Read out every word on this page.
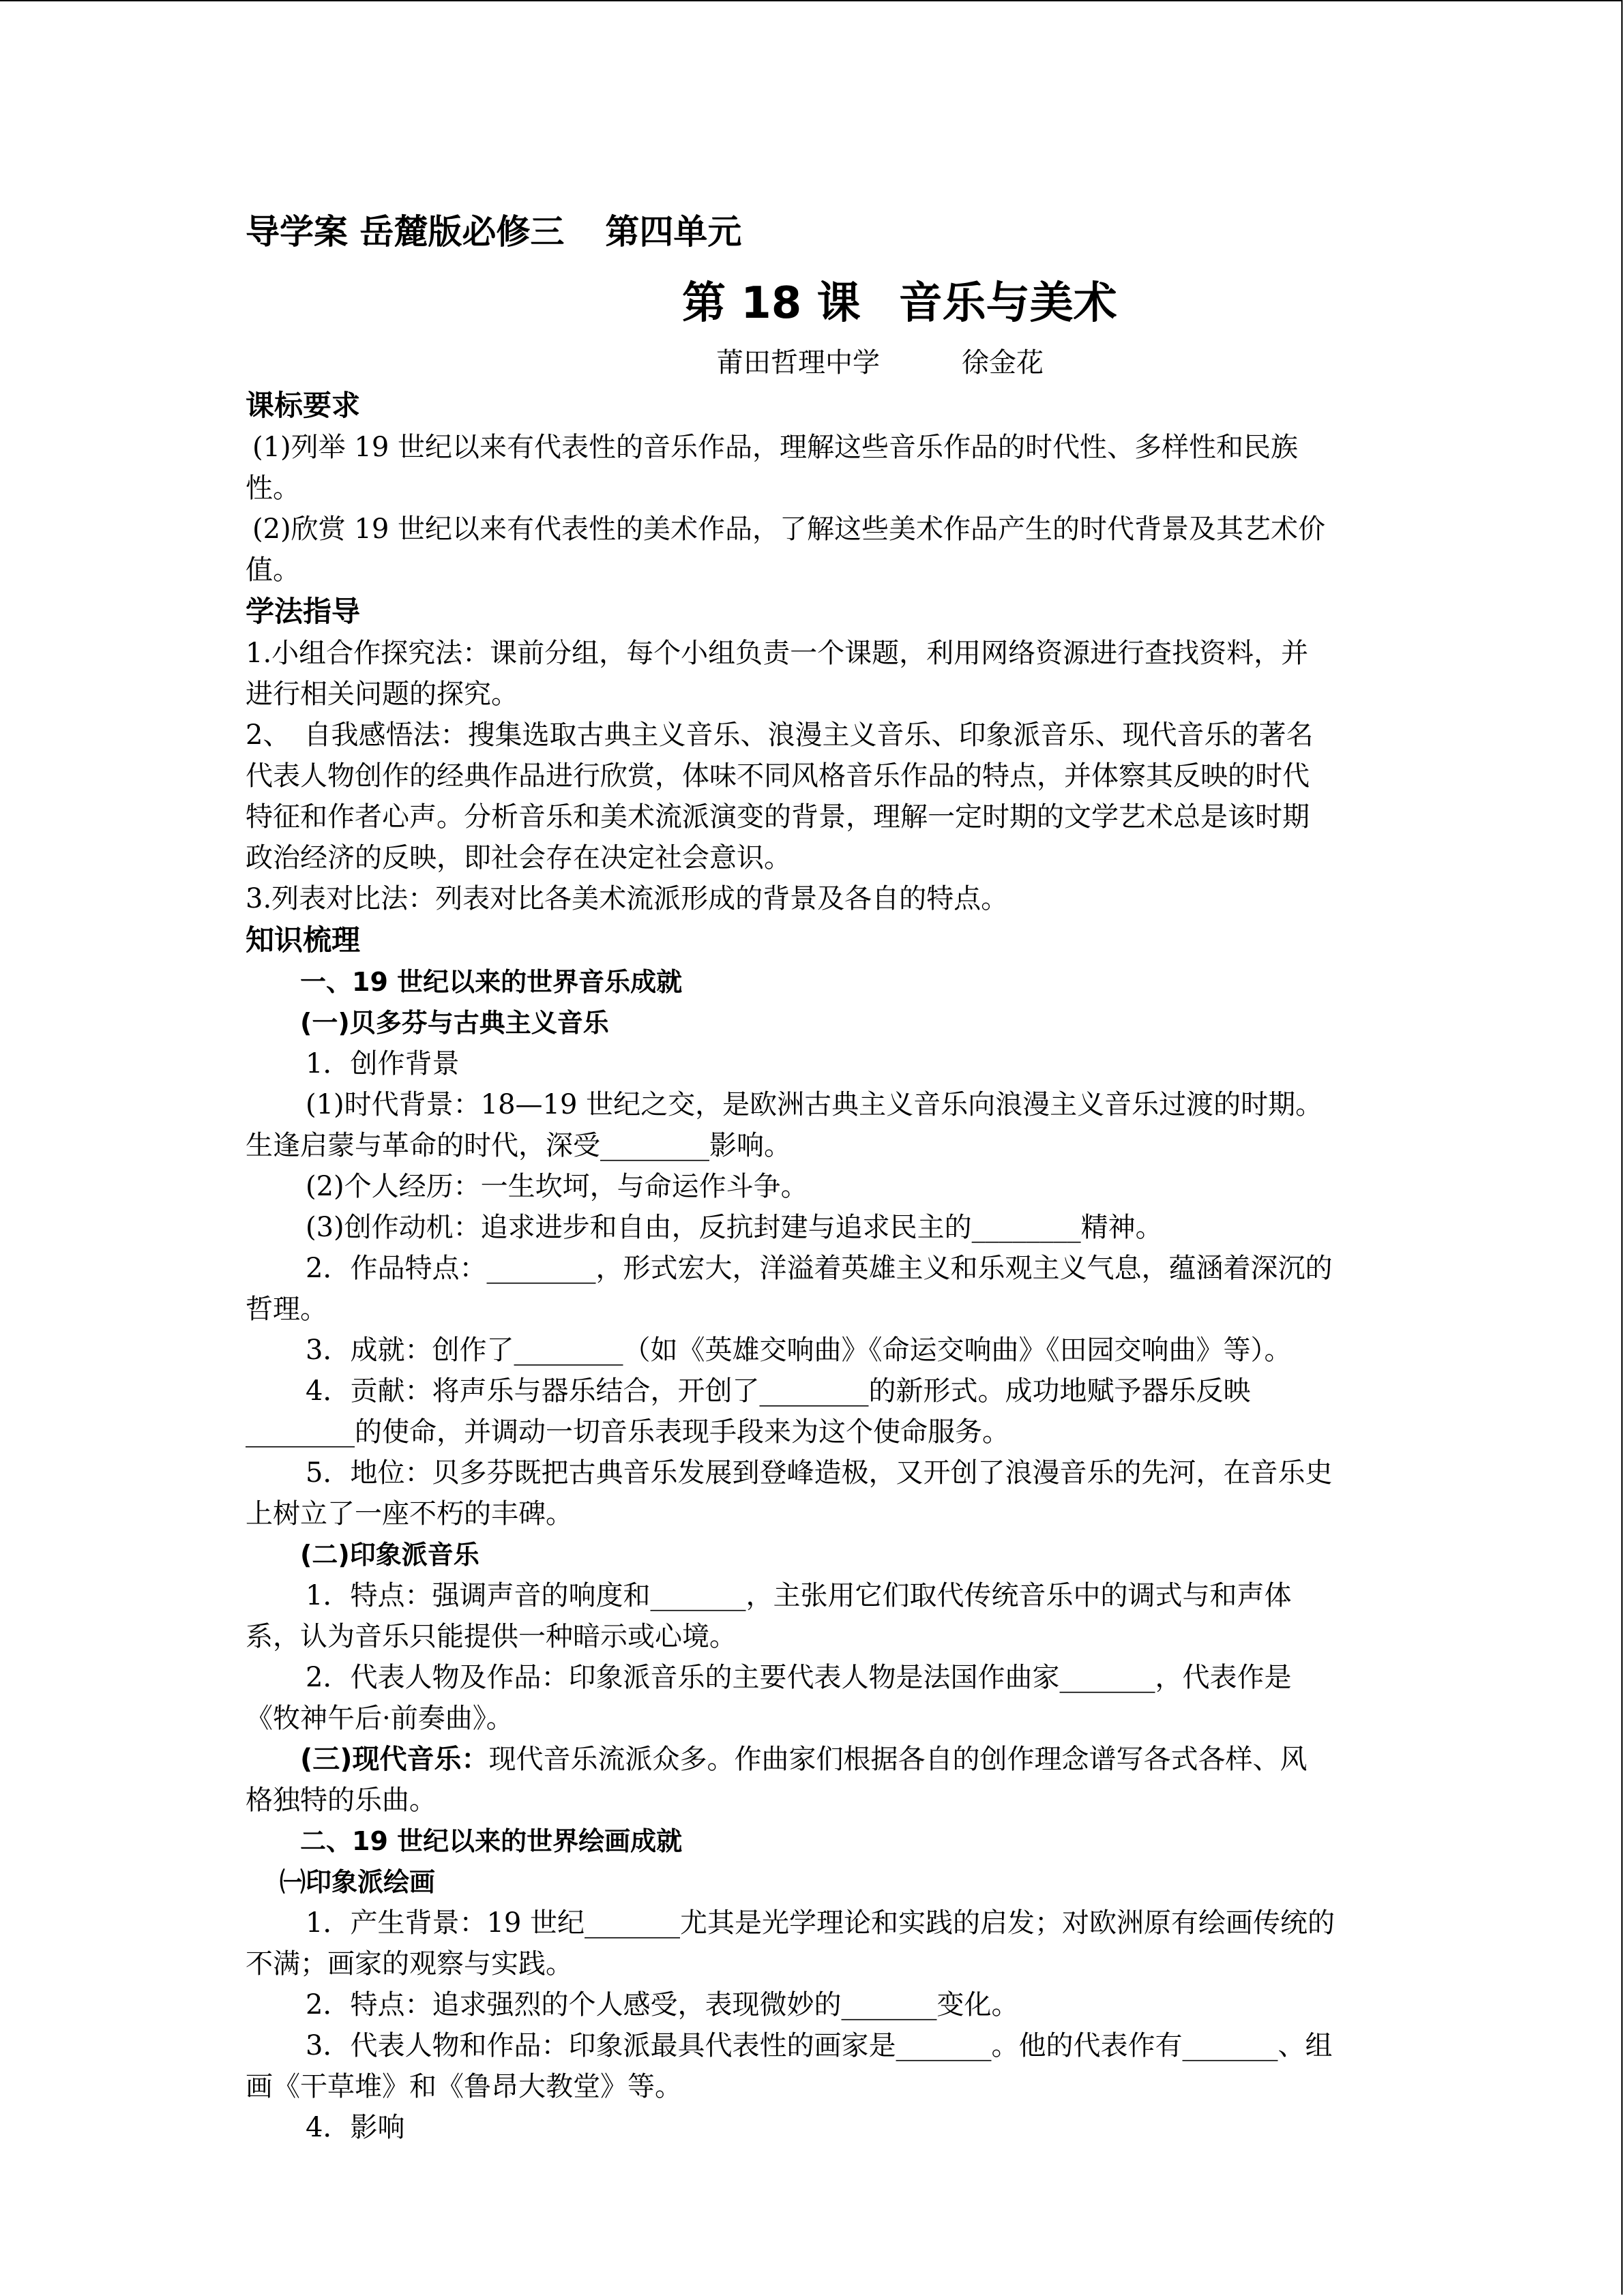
导学案 岳麓版必修三 第四单元

第 18 课 音乐与美术

莆田哲理中学	徐金花

课标要求

(1)列举 19 世纪以来有代表性的音乐作品，理解这些音乐作品的时代性、多样性和民族

性。

(2)欣赏 19 世纪以来有代表性的美术作品，了解这些美术作品产生的时代背景及其艺术价

值。

学法指导

1.小组合作探究法：课前分组，每个小组负责一个课题，利用网络资源进行查找资料，并

进行相关问题的探究。

2、　自我感悟法：搜集选取古典主义音乐、浪漫主义音乐、印象派音乐、现代音乐的著名

代表人物创作的经典作品进行欣赏，体味不同风格音乐作品的特点，并体察其反映的时代

特征和作者心声。分析音乐和美术流派演变的背景，理解一定时期的文学艺术总是该时期

政治经济的反映，即社会存在决定社会意识。

3.列表对比法：列表对比各美术流派形成的背景及各自的特点。

知识梳理

一、19 世纪以来的世界音乐成就

(一)贝多芬与古典主义音乐

1．创作背景

(1)时代背景：18—19 世纪之交，是欧洲古典主义音乐向浪漫主义音乐过渡的时期。

生逢启蒙与革命的时代，深受________影响。

(2)个人经历：一生坎坷，与命运作斗争。

(3)创作动机：追求进步和自由，反抗封建与追求民主的________精神。

2．作品特点：________，形式宏大，洋溢着英雄主义和乐观主义气息，蕴涵着深沉的

哲理。

3．成就：创作了________（如《英雄交响曲》《命运交响曲》《田园交响曲》等）。

4．贡献：将声乐与器乐结合，开创了________的新形式。成功地赋予器乐反映

________的使命，并调动一切音乐表现手段来为这个使命服务。

5．地位：贝多芬既把古典音乐发展到登峰造极，又开创了浪漫音乐的先河，在音乐史

上树立了一座不朽的丰碑。

(二)印象派音乐

1．特点：强调声音的响度和_______，主张用它们取代传统音乐中的调式与和声体

系，认为音乐只能提供一种暗示或心境。

2．代表人物及作品：印象派音乐的主要代表人物是法国作曲家_______，代表作是

《牧神午后·前奏曲》。

(三)现代音乐：现代音乐流派众多。作曲家们根据各自的创作理念谱写各式各样、风

格独特的乐曲。

二、19 世纪以来的世界绘画成就

㈠印象派绘画

1．产生背景：19 世纪_______尤其是光学理论和实践的启发；对欧洲原有绘画传统的

不满；画家的观察与实践。

2．特点：追求强烈的个人感受，表现微妙的_______变化。

3．代表人物和作品：印象派最具代表性的画家是_______。他的代表作有_______、组

画《干草堆》和《鲁昂大教堂》等。

4．影响
